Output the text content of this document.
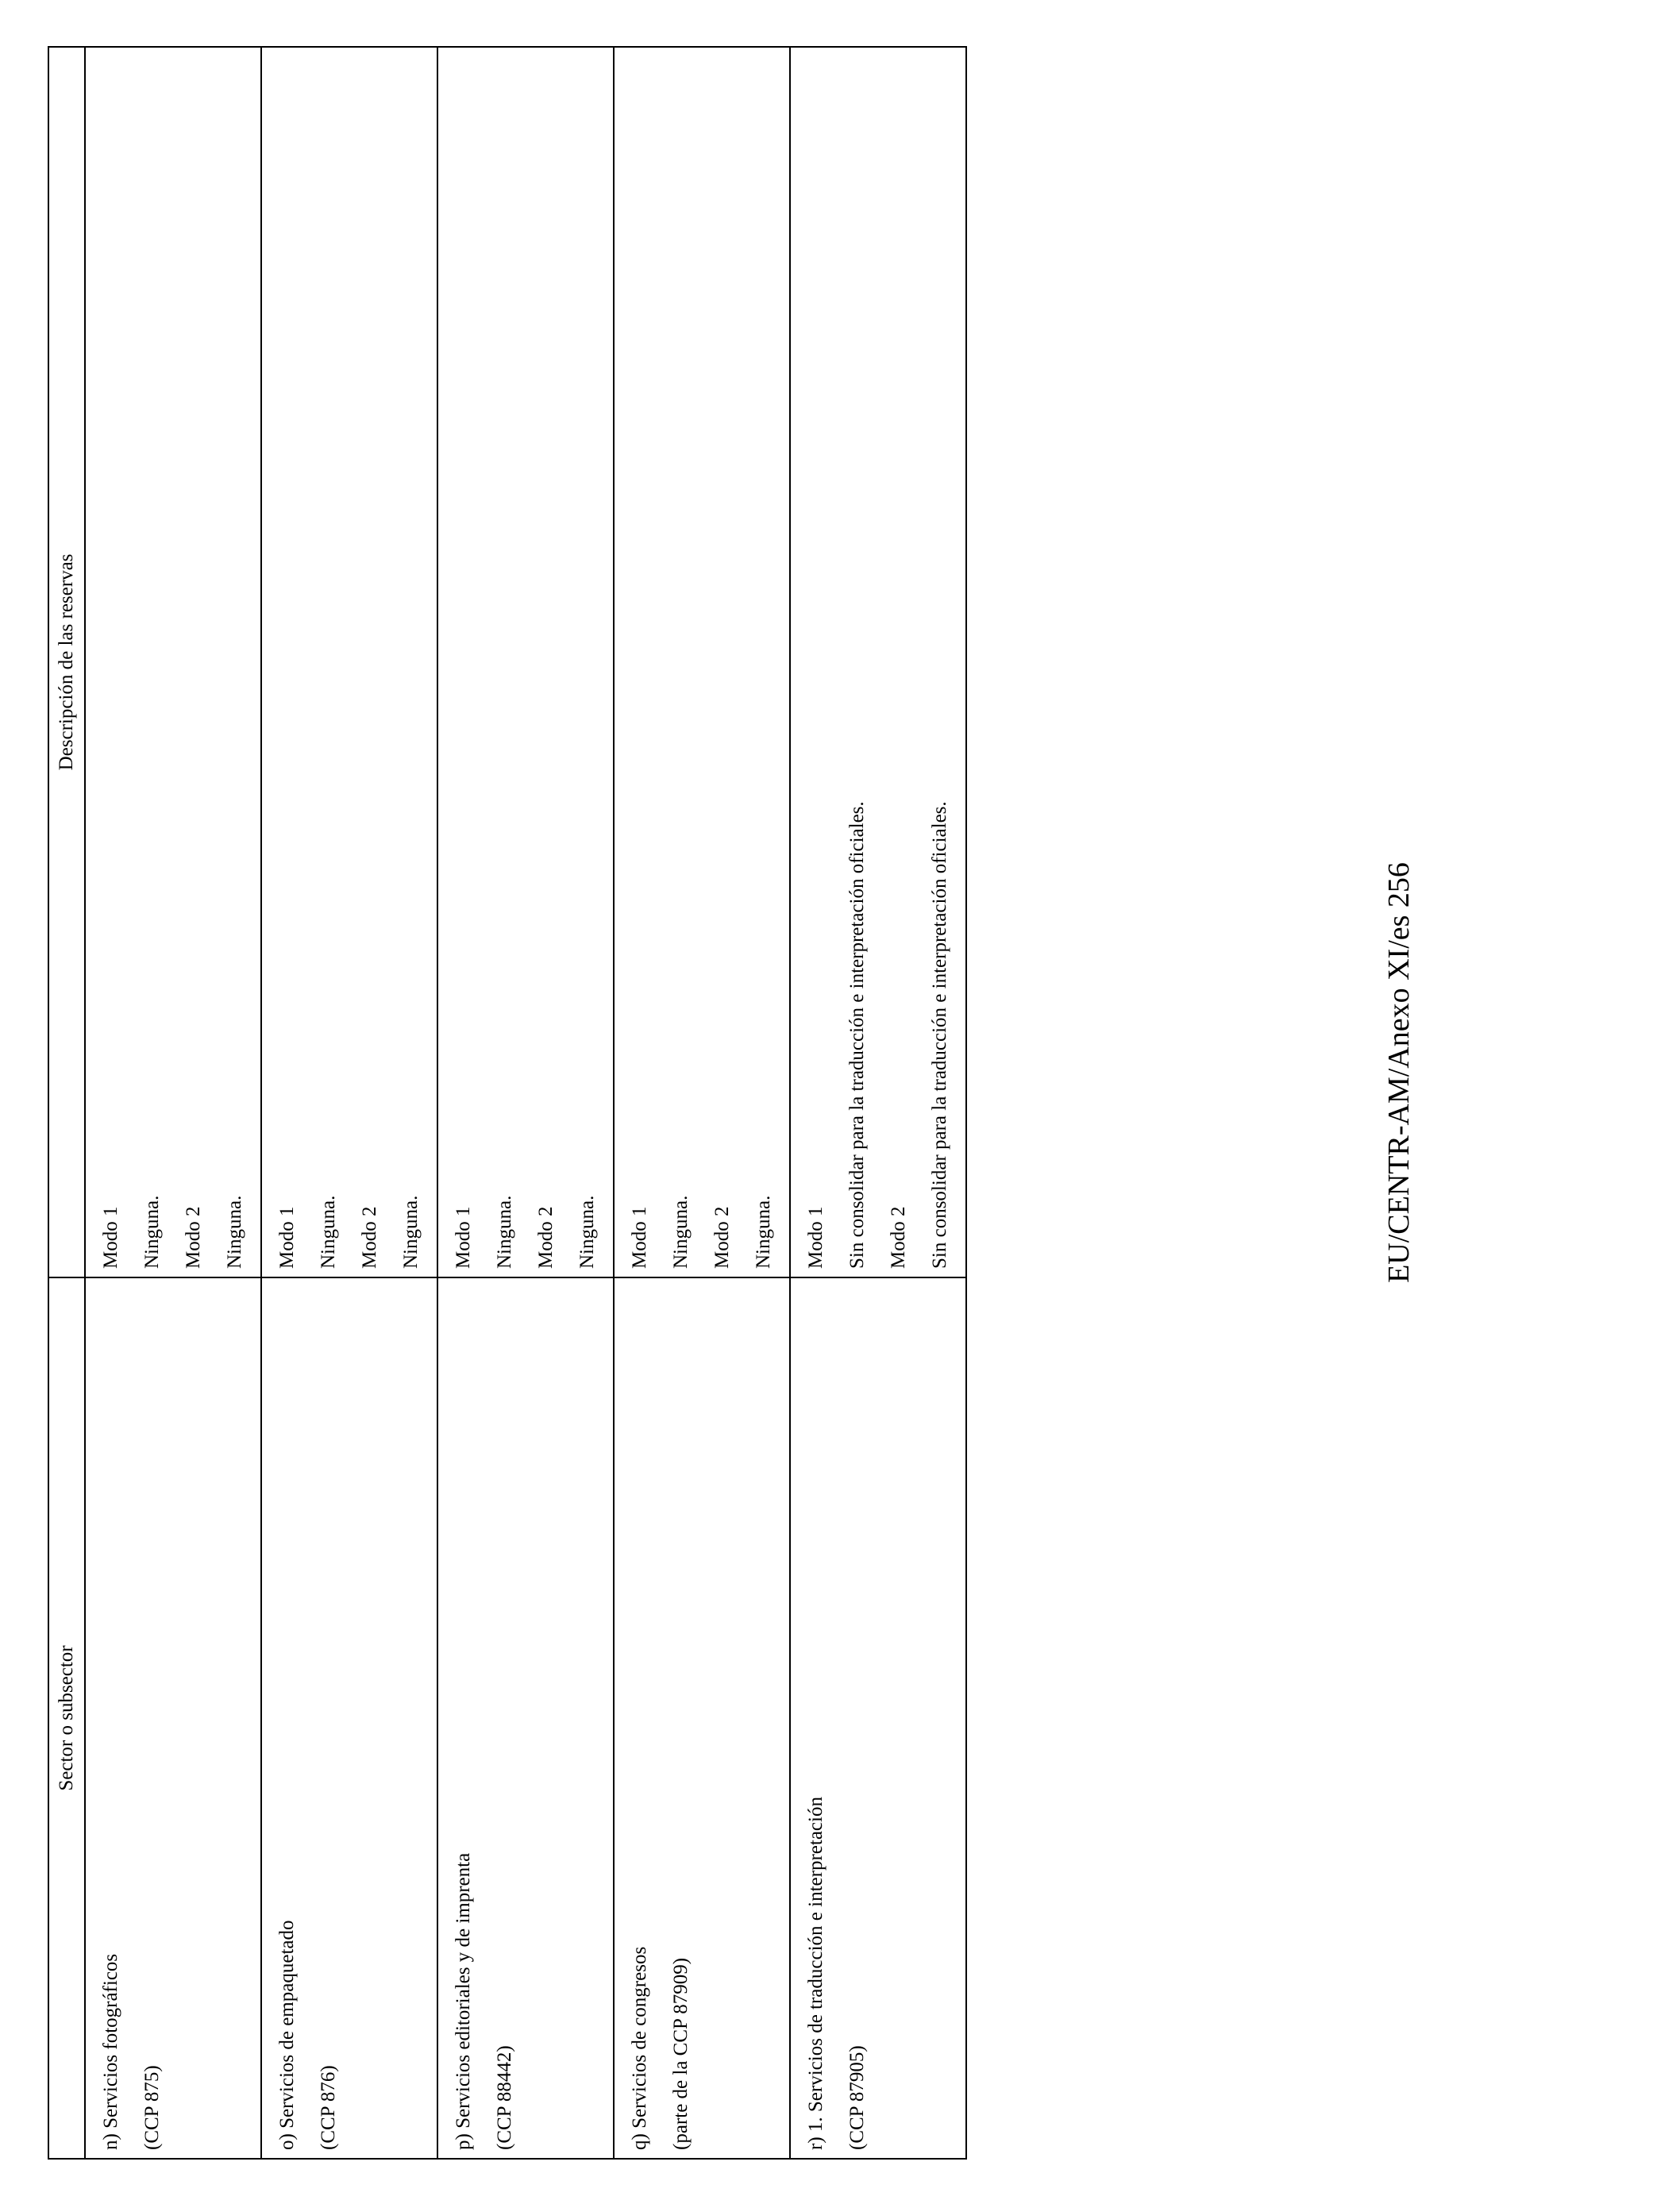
Sector o subsector	Descripción de las reservas

n) Servicios fotográficos (CCP 875)	Modo 1 Ninguna. Modo 2 Ninguna.

o) Servicios de empaquetado (CCP 876)	Modo 1 Ninguna. Modo 2 Ninguna.

p) Servicios editoriales y de imprenta (CCP 88442)	Modo 1 Ninguna. Modo 2 Ninguna.

q) Servicios de congresos (parte de la CCP 87909)	Modo 1 Ninguna. Modo 2 Ninguna.

r) 1. Servicios de traducción e interpretación (CCP 87905)	Modo 1 Sin consolidar para la traducción e interpretación oficiales. Modo 2 Sin consolidar para la traducción e interpretación oficiales.	EU/CENTR-AM/Anexo XI/es 256
